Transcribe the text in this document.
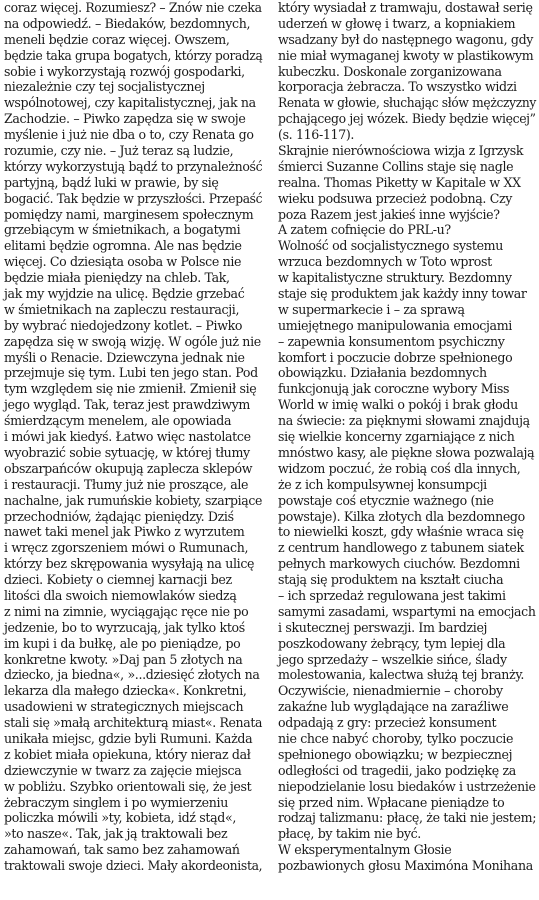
coraz więcej. Rozumiesz? – Znów nie czeka
na odpowiedź. – Biedaków, bezdomnych,
meneli będzie coraz więcej. Owszem,
będzie taka grupa bogatych, którzy poradzą
sobie i wykorzystają rozwój gospodarki,
niezależnie czy tej socjalistycznej
wspólnotowej, czy kapitalistycznej, jak na
Zachodzie. – Piwko zapędza się w swoje
myślenie i już nie dba o to, czy Renata go
rozumie, czy nie. – Już teraz są ludzie,
którzy wykorzystują bądź to przynależność
partyjną, bądź luki w prawie, by się
bogacić. Tak będzie w przyszłości. Przepaść
pomiędzy nami, marginesem społecznym
grzebiącym w śmietnikach, a bogatymi
elitami będzie ogromna. Ale nas będzie
więcej. Co dziesiąta osoba w Polsce nie
będzie miała pieniędzy na chleb. Tak,
jak my wyjdzie na ulicę. Będzie grzebać
w śmietnikach na zapleczu restauracji,
by wybrać niedojedzony kotlet. – Piwko
zapędza się w swoją wizję. W ogóle już nie
myśli o Renacie. Dziewczyna jednak nie
przejmuje się tym. Lubi ten jego stan. Pod
tym względem się nie zmienił. Zmienił się
jego wygląd. Tak, teraz jest prawdziwym
śmierdzącym menelem, ale opowiada
i mówi jak kiedyś. Łatwo więc nastolatce
wyobrazić sobie sytuację, w której tłumy
obszarpańców okupują zaplecza sklepów
i restauracji. Tłumy już nie proszące, ale
nachalne, jak rumuńskie kobiety, szarpiące
przechodniów, żądając pieniędzy. Dziś
nawet taki menel jak Piwko z wyrzutem
i wręcz zgorszeniem mówi o Rumunach,
którzy bez skrępowania wysyłają na ulicę
dzieci. Kobiety o ciemnej karnacji bez
litości dla swoich niemowlaków siedzą
z nimi na zimnie, wyciągając ręce nie po
jedzenie, bo to wyrzucają, jak tylko ktoś
im kupi i da bułkę, ale po pieniądze, po
konkretne kwoty. »Daj pan 5 złotych na
dziecko, ja biedna«, »...dziesięć złotych na
lekarza dla małego dziecka«. Konkretni,
usadowieni w strategicznych miejscach
stali się »małą architekturą miast«. Renata
unikała miejsc, gdzie byli Rumuni. Każda
z kobiet miała opiekuna, który nieraz dał
dziewczynie w twarz za zajęcie miejsca
w pobliżu. Szybko orientowali się, że jest
żebraczym singlem i po wymierzeniu
policzka mówili »ty, kobieta, idź stąd«,
»to nasze«. Tak, jak ją traktowali bez
zahamowań, tak samo bez zahamowań
traktowali swoje dzieci. Mały akordeonista,
który wysiadał z tramwaju, dostawał serię
uderzeń w głowę i twarz, a kopniakiem
wsadzany był do następnego wagonu, gdy
nie miał wymaganej kwoty w plastikowym
kubeczku. Doskonale zorganizowana
korporacja żebracza. To wszystko widzi
Renata w głowie, słuchając słów mężczyzny
pchającego jej wózek. Biedy będzie więcej”
(s. 116-117).
Skrajnie nierównościowa wizja z Igrzysk
śmierci Suzanne Collins staje się nagle
realna. Thomas Piketty w Kapitale w XX
wieku podsuwa przecież podobną. Czy
poza Razem jest jakieś inne wyjście?
A zatem cofnięcie do PRL-u?
Wolność od socjalistycznego systemu
wrzuca bezdomnych w Toto wprost
w kapitalistyczne struktury. Bezdomny
staje się produktem jak każdy inny towar
w supermarkecie i – za sprawą
umiejętnego manipulowania emocjami
– zapewnia konsumentom psychiczny
komfort i poczucie dobrze spełnionego
obowiązku. Działania bezdomnych
funkcjonują jak coroczne wybory Miss
World w imię walki o pokój i brak głodu
na świecie: za pięknymi słowami znajdują
się wielkie koncerny zgarniające z nich
mnóstwo kasy, ale piękne słowa pozwalają
widzom poczuć, że robią coś dla innych,
że z ich kompulsywnej konsumpcji
powstaje coś etycznie ważnego (nie
powstaje). Kilka złotych dla bezdomnego
to niewielki koszt, gdy właśnie wraca się
z centrum handlowego z tabunem siatek
pełnych markowych ciuchów. Bezdomni
stają się produktem na kształt ciucha
– ich sprzedaż regulowana jest takimi
samymi zasadami, wspartymi na emocjach
i skutecznej perswazji. Im bardziej
poszkodowany żebrący, tym lepiej dla
jego sprzedaży – wszelkie sińce, ślady
molestowania, kalectwa służą tej branży.
Oczywiście, nienadmiernie – choroby
zakaźne lub wyglądające na zaraźliwe
odpadają z gry: przecież konsument
nie chce nabyć choroby, tylko poczucie
spełnionego obowiązku; w bezpiecznej
odległości od tragedii, jako podziękę za
niepodzielanie losu biedaków i ustrzeżenie
się przed nim. Wpłacane pieniądze to
rodzaj talizmanu: płacę, że taki nie jestem;
płacę, by takim nie być.
W eksperymentalnym Głosie
pozbawionych głosu Maximóna Monihana
